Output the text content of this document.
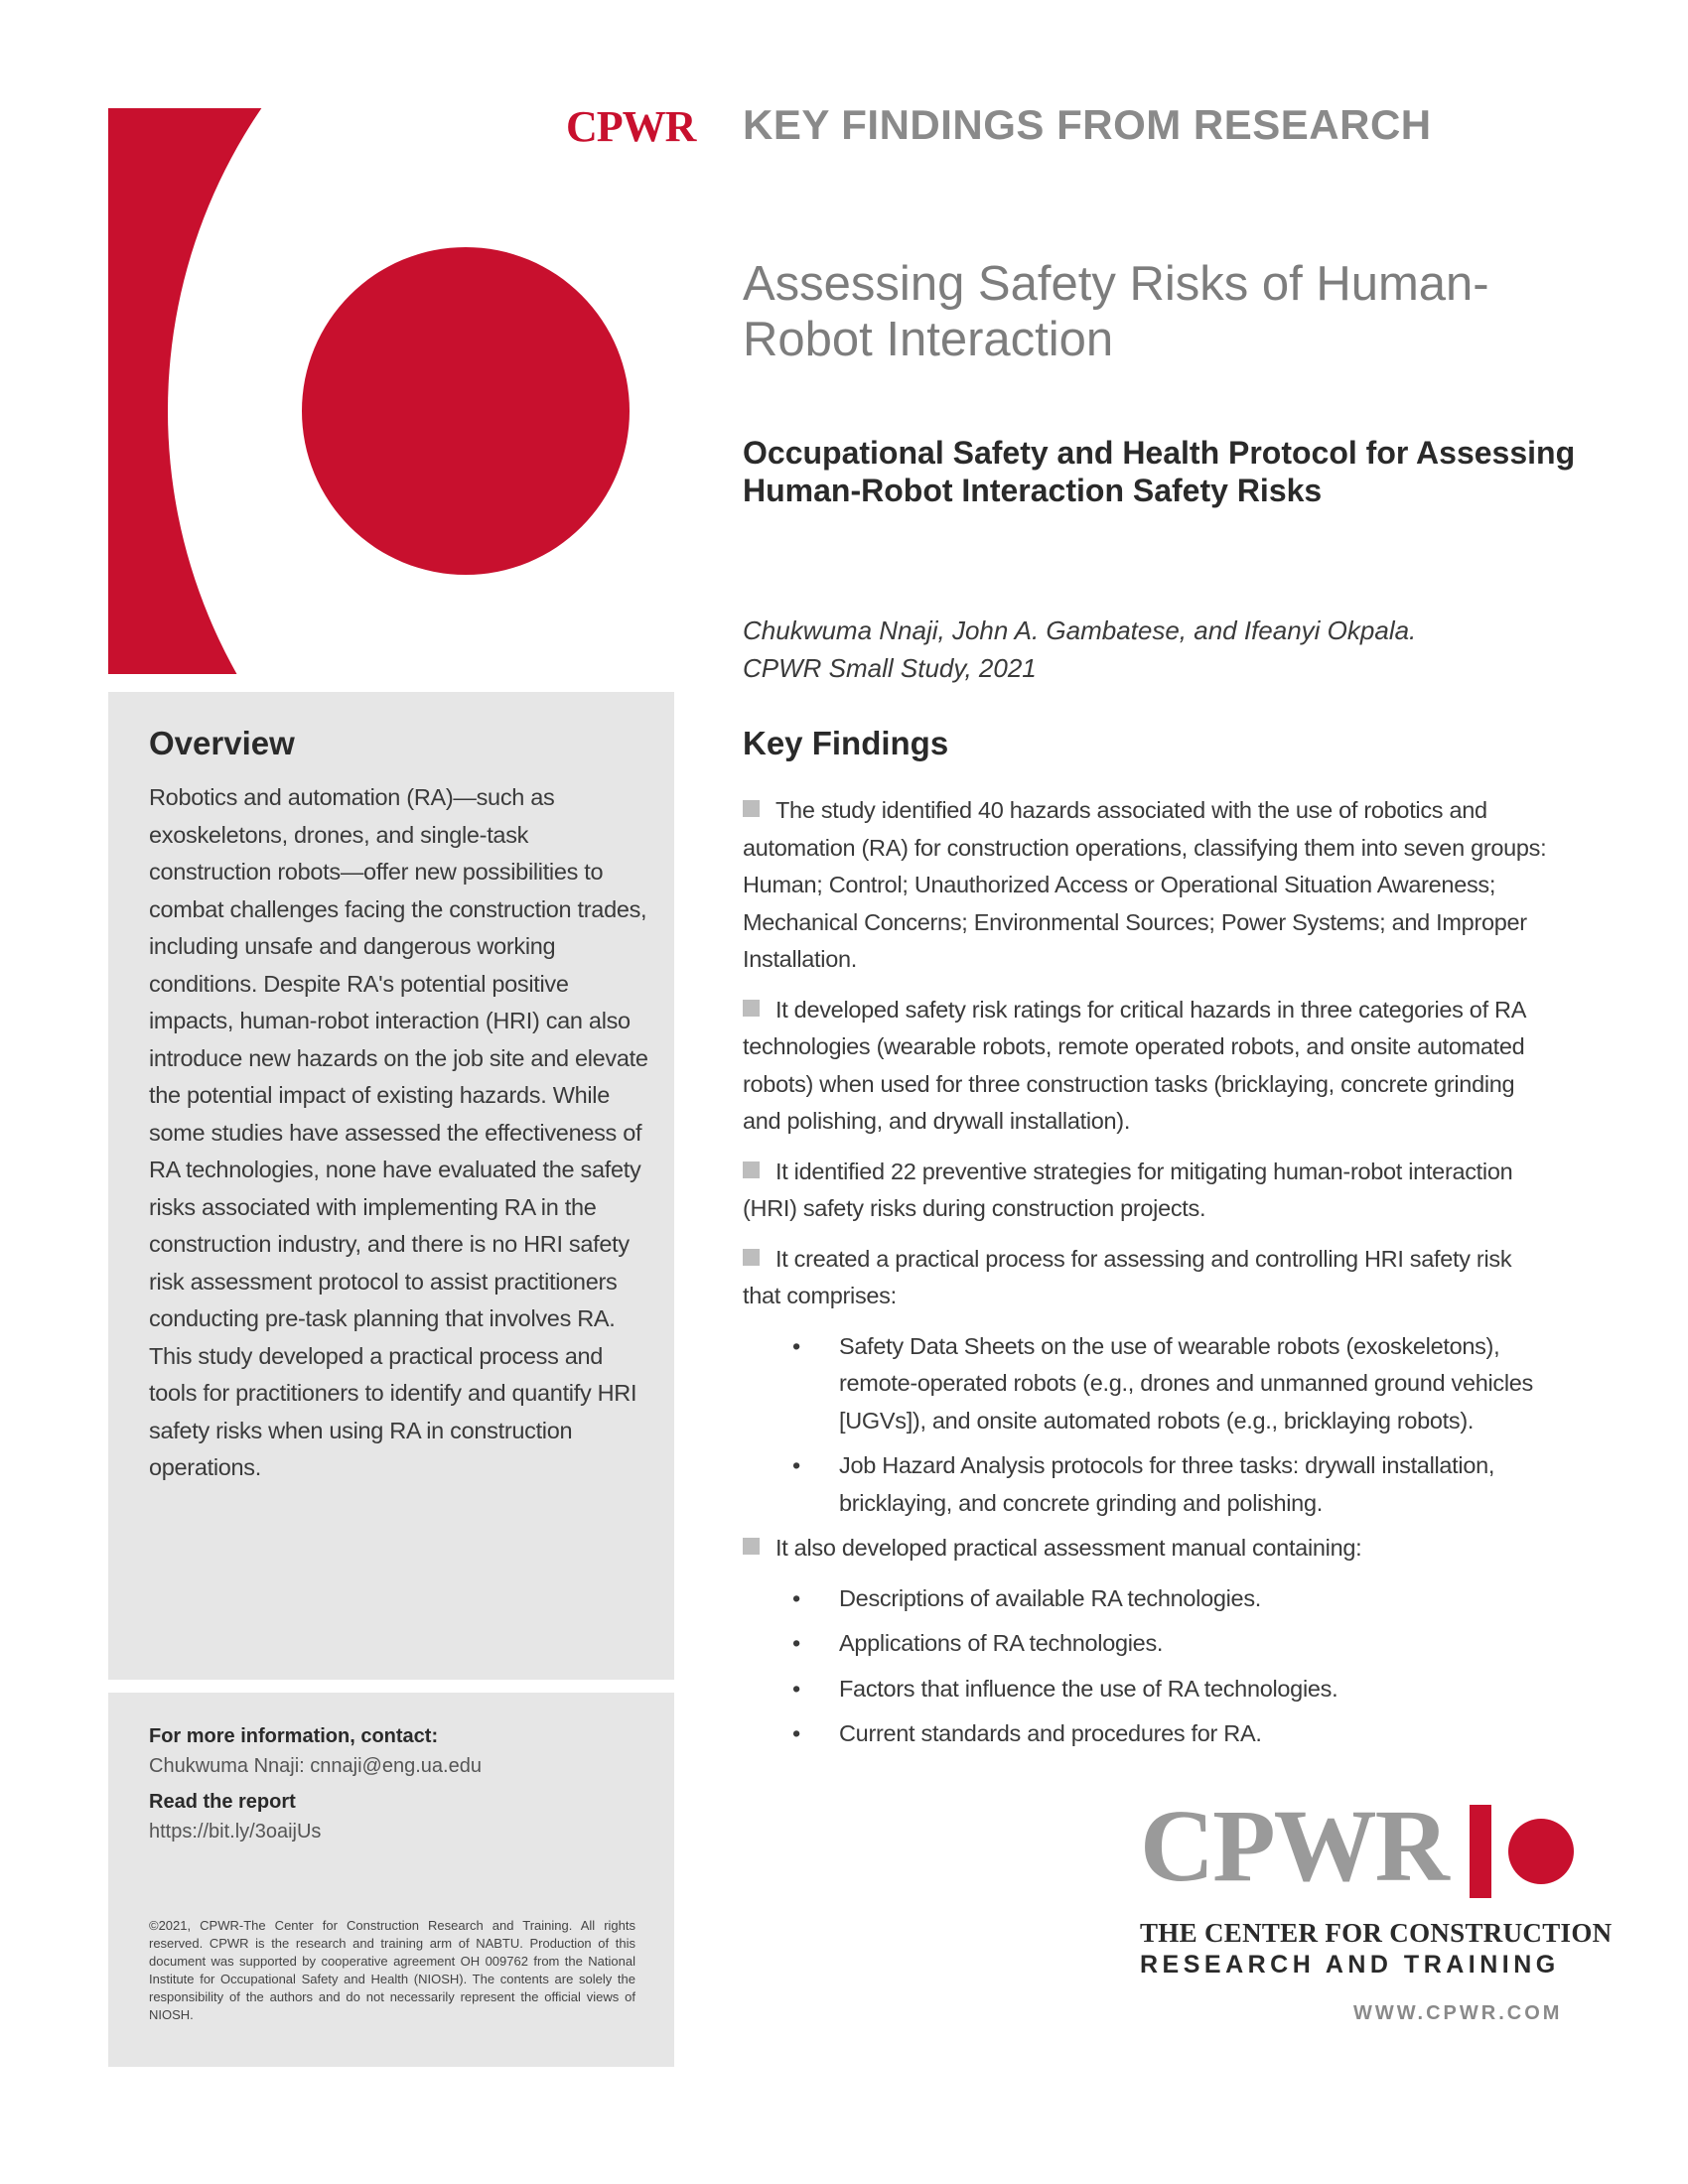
CPWR KEY FINDINGS FROM RESEARCH
Assessing Safety Risks of Human-Robot Interaction
Occupational Safety and Health Protocol for Assessing Human-Robot Interaction Safety Risks
Chukwuma Nnaji, John A. Gambatese, and Ifeanyi Okpala.
CPWR Small Study, 2021
Overview
Robotics and automation (RA)—such as exoskeletons, drones, and single-task construction robots—offer new possibilities to combat challenges facing the construction trades, including unsafe and dangerous working conditions. Despite RA's potential positive impacts, human-robot interaction (HRI) can also introduce new hazards on the job site and elevate the potential impact of existing hazards. While some studies have assessed the effectiveness of RA technologies, none have evaluated the safety risks associated with implementing RA in the construction industry, and there is no HRI safety risk assessment protocol to assist practitioners conducting pre-task planning that involves RA. This study developed a practical process and tools for practitioners to identify and quantify HRI safety risks when using RA in construction operations.
For more information, contact:
Chukwuma Nnaji: cnnaji@eng.ua.edu
Read the report
https://bit.ly/3oaijUs
©2021, CPWR-The Center for Construction Research and Training. All rights reserved. CPWR is the research and training arm of NABTU. Production of this document was supported by cooperative agreement OH 009762 from the National Institute for Occupational Safety and Health (NIOSH). The contents are solely the responsibility of the authors and do not necessarily represent the official views of NIOSH.
Key Findings
The study identified 40 hazards associated with the use of robotics and automation (RA) for construction operations, classifying them into seven groups: Human; Control; Unauthorized Access or Operational Situation Awareness; Mechanical Concerns; Environmental Sources; Power Systems; and Improper Installation.
It developed safety risk ratings for critical hazards in three categories of RA technologies (wearable robots, remote operated robots, and onsite automated robots) when used for three construction tasks (bricklaying, concrete grinding and polishing, and drywall installation).
It identified 22 preventive strategies for mitigating human-robot interaction (HRI) safety risks during construction projects.
It created a practical process for assessing and controlling HRI safety risk that comprises:
• Safety Data Sheets on the use of wearable robots (exoskeletons), remote-operated robots (e.g., drones and unmanned ground vehicles [UGVs]), and onsite automated robots (e.g., bricklaying robots).
• Job Hazard Analysis protocols for three tasks: drywall installation, bricklaying, and concrete grinding and polishing.
It also developed practical assessment manual containing:
• Descriptions of available RA technologies.
• Applications of RA technologies.
• Factors that influence the use of RA technologies.
• Current standards and procedures for RA.
CPWR
THE CENTER FOR CONSTRUCTION
RESEARCH AND TRAINING
WWW.CPWR.COM
